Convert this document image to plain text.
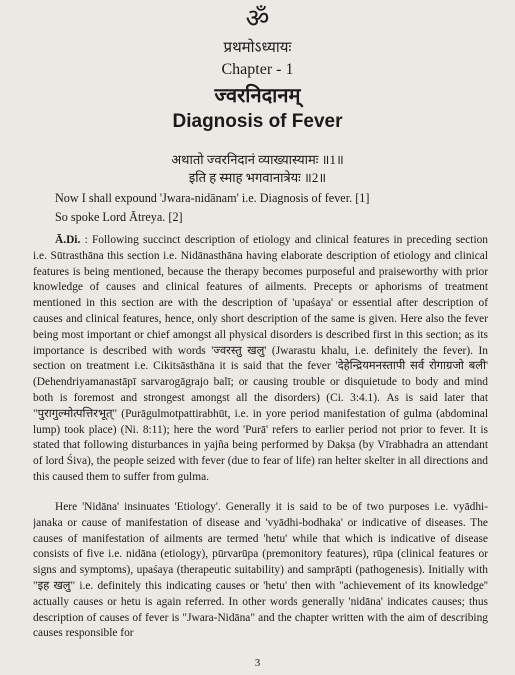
ॐ
प्रथमोऽध्यायः
Chapter - 1
ज्वरनिदानम्
Diagnosis of Fever
अथातो ज्वरनिदानं व्याख्यास्यामः ॥1॥
इति ह स्माह भगवानात्रेयः ॥2॥
Now I shall expound 'Jwara-nidānam' i.e. Diagnosis of fever. [1]
So spoke Lord Ātreya. [2]
Ā.Di. : Following succinct description of etiology and clinical features in preceding section i.e. Sūtrasthāna this section i.e. Nidānasthāna having elaborate description of etiology and clinical features is being mentioned, because the therapy becomes purposeful and praiseworthy with prior knowledge of causes and clinical features of ailments. Precepts or aphorisms of treatment mentioned in this section are with the description of 'upaśaya' or essential after description of causes and clinical features, hence, only short description of the same is given. Here also the fever being most important or chief amongst all physical disorders is described first in this section; as its importance is described with words 'ज्वरस्तु खलु' (Jwarastu khalu, i.e. definitely the fever). In section on treatment i.e. Cikitsāsthāna it is said that the fever 'देहेन्द्रियमनस्तापी सर्व रोगाग्रजो बली' (Dehendriyamanastāpī sarvarogāgrajo balī; or causing trouble or disquietude to body and mind both is foremost and strongest amongst all the disorders) (Ci. 3:4.1). As is said later that "पुरागुल्मोत्पत्तिरभूत्" (Purāgulmotpattirabhūt, i.e. in yore period manifestation of gulma (abdominal lump) took place) (Ni. 8:11); here the word 'Purā' refers to earlier period not prior to fever. It is stated that following disturbances in yajña being performed by Dakṣa (by Vīrabhadra an attendant of lord Śiva), the people seized with fever (due to fear of life) ran helter skelter in all directions and this caused them to suffer from gulma.
Here 'Nidāna' insinuates 'Etiology'. Generally it is said to be of two purposes i.e. vyādhi-janaka or cause of manifestation of disease and 'vyādhi-bodhaka' or indicative of diseases. The causes of manifestation of ailments are termed 'hetu' while that which is indicative of disease consists of five i.e. nidāna (etiology), pūrvarūpa (premonitory features), rūpa (clinical features or signs and symptoms), upaśaya (therapeutic suitability) and samprāpti (pathogenesis). Initially with "इह खलु" i.e. definitely this indicating causes or 'hetu' then with ''achievement of its knowledge'' actually causes or hetu is again referred. In other words generally 'nidāna' indicates causes; thus description of causes of fever is "Jwara-Nidāna" and the chapter written with the aim of describing causes responsible for
3
